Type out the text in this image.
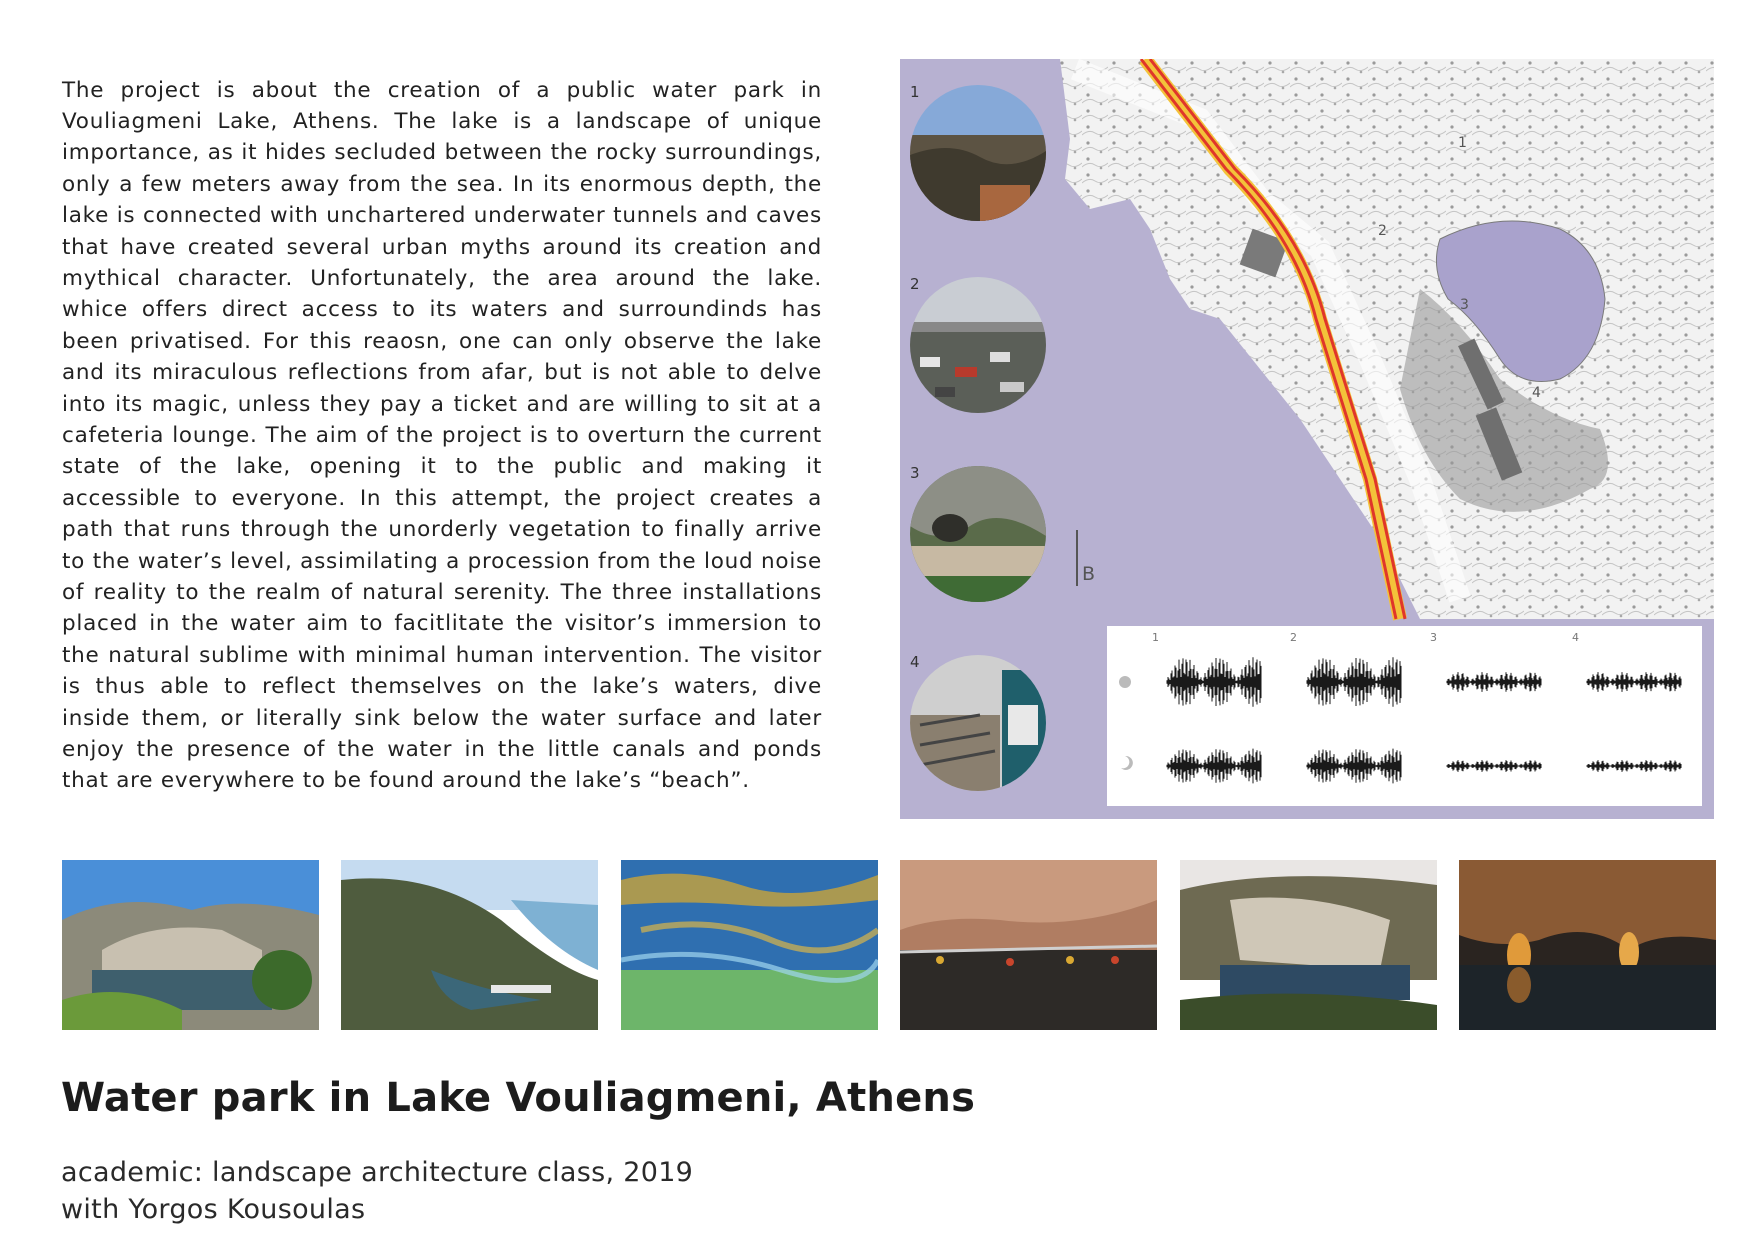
The project is about the creation of a public water park in Vouliagmeni Lake, Athens. The lake is a landscape of unique importance, as it hides secluded between the rocky surroundings, only a few meters away from the sea. In its enormous depth, the lake is connected with unchartered underwater tunnels and caves that have created several urban myths around its creation and mythical character. Unfortunately, the area around the lake. whice offers direct access to its waters and surroundinds has been privatised. For this reaosn, one can only observe the lake and its miraculous reflections from afar, but is not able to delve into its magic, unless they pay a ticket and are willing to sit at a cafeteria lounge. The aim of the project is to overturn the current state of the lake, opening it to the public and making it accessible to everyone. In this attempt, the project creates a path that runs through the unorderly vegetation to finally arrive to the water’s level, assimilating a procession from the loud noise of reality to the realm of natural serenity. The three installations placed in the water aim to facitlitate the visitor’s immersion to the natural sublime with minimal human intervention. The visitor is thus able to reflect themselves on the lake’s waters, dive inside them, or literally sink below the water surface and later enjoy the presence of the water in the little canals and ponds that are everywhere to be found around the lake’s “beach”.

1
2
3
4
1
2
3
4
B
1	2	3	4
Water park in Lake Vouliagmeni, Athens
academic: landscape architecture class, 2019
with Yorgos Kousoulas
